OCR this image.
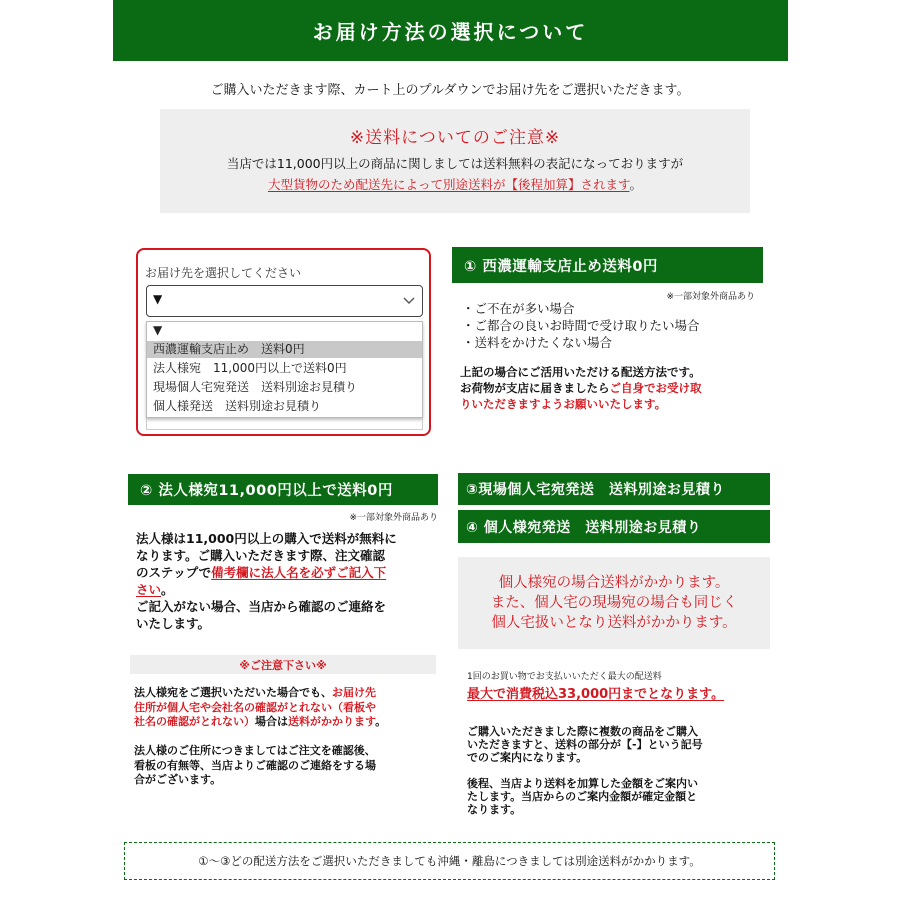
お届け方法の選択について
ご購入いただきます際、カート上のプルダウンでお届け先をご選択いただきます。
※送料についてのご注意※
当店では11,000円以上の商品に関しましては送料無料の表記になっておりますが
大型貨物のため配送先によって別途送料が【後程加算】されます。
お届け先を選択してください
▼
▼
西濃運輸支店止め　送料0円
法人様宛　11,000円以上で送料0円
現場個人宅宛発送　送料別途お見積り
個人様発送　送料別途お見積り
① 西濃運輸支店止め送料0円
※一部対象外商品あり
・ご不在が多い場合
・ご都合の良いお時間で受け取りたい場合
・送料をかけたくない場合
上記の場合にご活用いただける配送方法です。
お荷物が支店に届きましたらご自身でお受け取
りいただきますようお願いいたします。
② 法人様宛11,000円以上で送料0円
※一部対象外商品あり
法人様は11,000円以上の購入で送料が無料に
なります。ご購入いただきます際、注文確認
のステップで備考欄に法人名を必ずご記入下
さい。
ご記入がない場合、当店から確認のご連絡を
いたします。
※ご注意下さい※
法人様宛をご選択いただいた場合でも、お届け先
住所が個人宅や会社名の確認がとれない（看板や
社名の確認がとれない）場合は送料がかかります。
法人様のご住所につきましてはご注文を確認後、
看板の有無等、当店よりご確認のご連絡をする場
合がございます。
③現場個人宅宛発送　送料別途お見積り
④ 個人様宛発送　送料別途お見積り
個人様宛の場合送料がかかります。
また、個人宅の現場宛の場合も同じく
個人宅扱いとなり送料がかかります。
1回のお買い物でお支払いいただく最大の配送料
最大で消費税込33,000円までとなります。
ご購入いただきました際に複数の商品をご購入
いただきますと、送料の部分が【-】という記号
でのご案内になります。
後程、当店より送料を加算した金額をご案内い
たします。当店からのご案内金額が確定金額と
なります。
①～③どの配送方法をご選択いただきましても沖縄・離島につきましては別途送料がかかります。
